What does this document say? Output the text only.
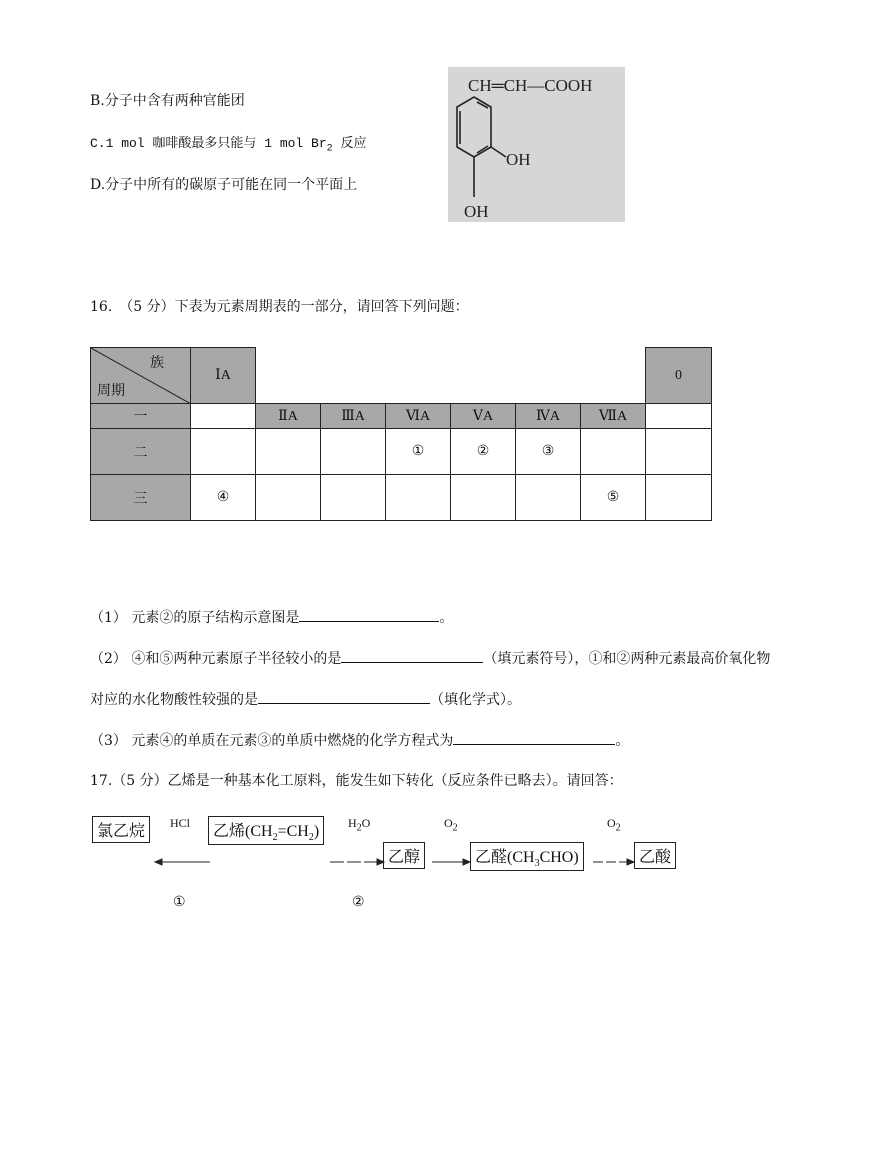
B.分子中含有两种官能团
C.1 mol 咖啡酸最多只能与 1 mol $Br_2$ 反应
D.分子中所有的碳原子可能在同一个平面上
CH═CH—COOH
OH
OH
16.　（5 分）下表为元素周期表的一部分，请回答下列问题：
族
周期	ⅠA							0
一		ⅡA	ⅢA	ⅥA	ⅤA	ⅣA	ⅦA	
二				①	②	③		
三	④						⑤	
（1） 元素②的原子结构示意图是	。
（2） ④和⑤两种元素原子半径较小的是	（填元素符号），①和②两种元素最高价氧化物
对应的水化物酸性较强的是	（填化学式）。
（3） 元素④的单质在元素③的单质中燃烧的化学方程式为	。
17.（5 分）乙烯是一种基本化工原料，能发生如下转化（反应条件已略去）。请回答：
氯乙烷	HCl	乙烯$(CH_2=CH_2)$	$H_2O$	$O_2$	$O_2$
乙醇	乙醛$(CH_3CHO)$	乙酸
①	②
